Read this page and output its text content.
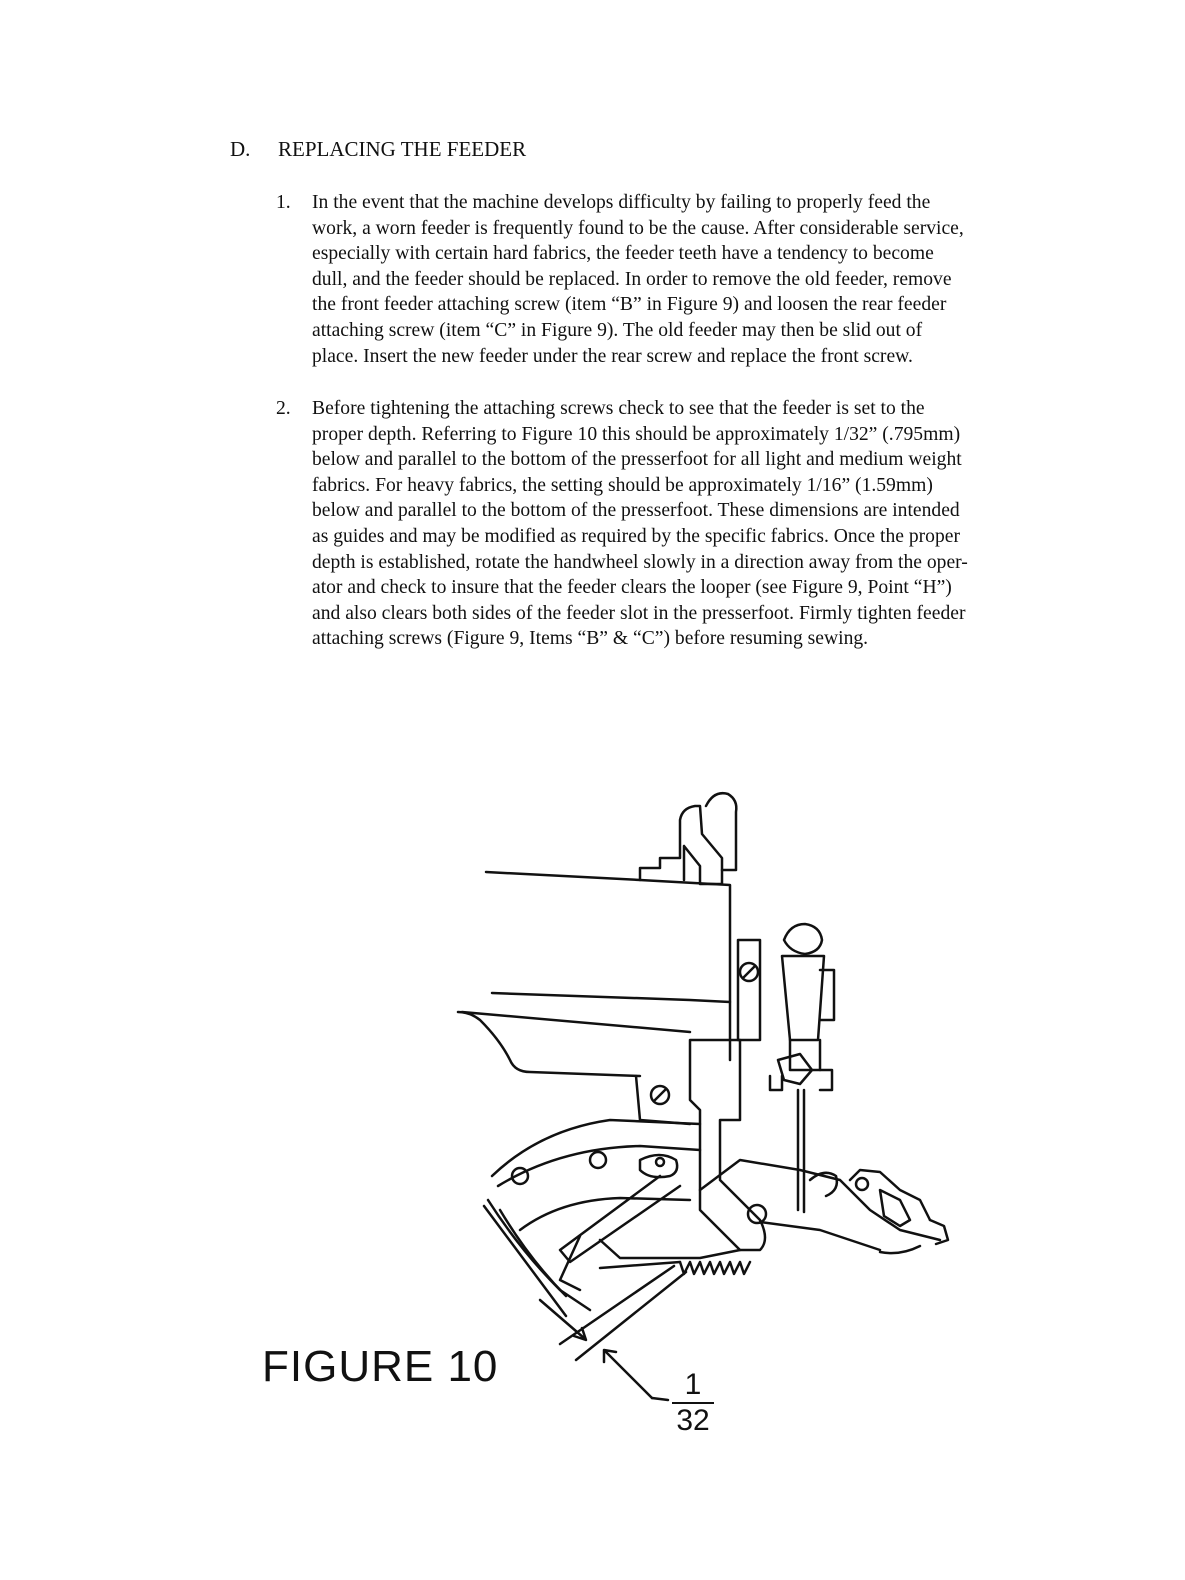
D. REPLACING THE FEEDER
1.	In the event that the machine develops difficulty by failing to properly feed the
work, a worn feeder is frequently found to be the cause. After considerable service,
especially with certain hard fabrics, the feeder teeth have a tendency to become
dull, and the feeder should be replaced. In order to remove the old feeder, remove
the front feeder attaching screw (item “B” in Figure 9) and loosen the rear feeder
attaching screw (item “C” in Figure 9). The old feeder may then be slid out of
place. Insert the new feeder under the rear screw and replace the front screw.
2.	Before tightening the attaching screws check to see that the feeder is set to the
proper depth. Referring to Figure 10 this should be approximately 1/32” (.795mm)
below and parallel to the bottom of the presserfoot for all light and medium weight
fabrics. For heavy fabrics, the setting should be approximately 1/16” (1.59mm)
below and parallel to the bottom of the presserfoot. These dimensions are intended
as guides and may be modified as required by the specific fabrics. Once the proper
depth is established, rotate the handwheel slowly in a direction away from the oper-
ator and check to insure that the feeder clears the looper (see Figure 9, Point “H”)
and also clears both sides of the feeder slot in the presserfoot. Firmly tighten feeder
attaching screws (Figure 9, Items “B” & “C”) before resuming sewing.
FIGURE 10	1
32
